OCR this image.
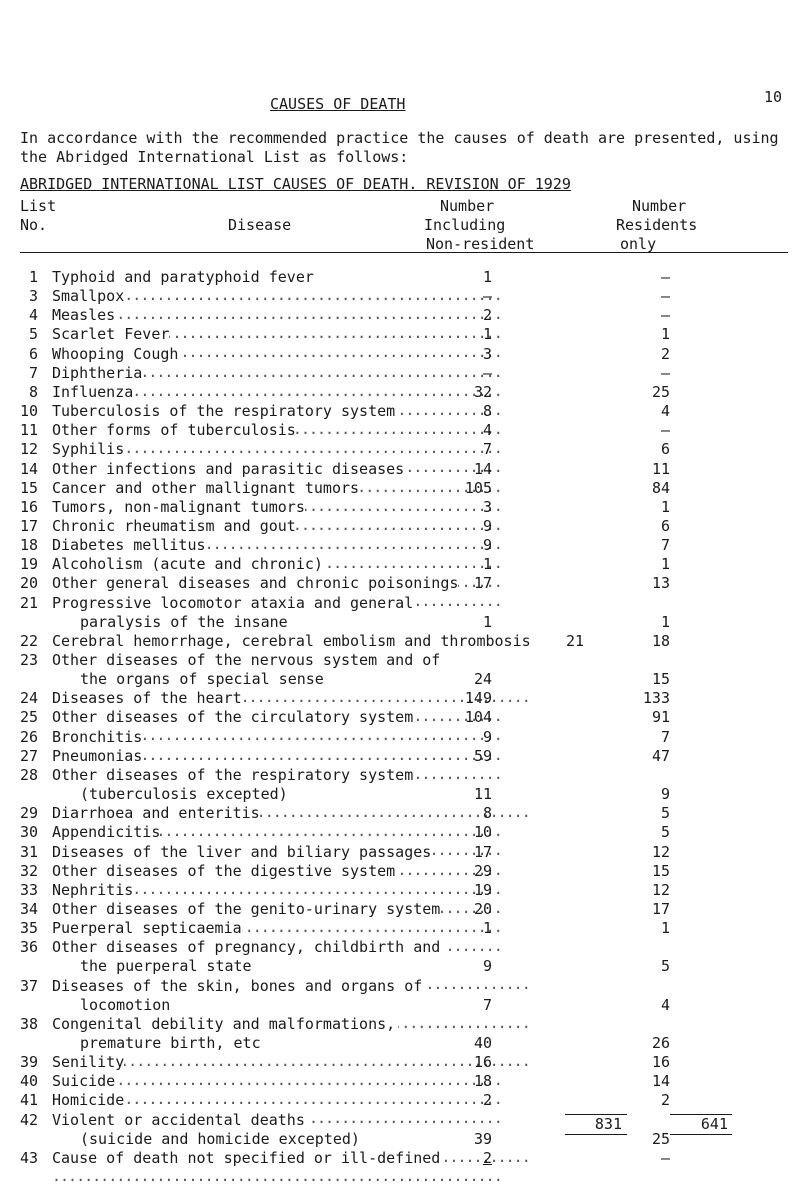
10
CAUSES OF DEATH
In accordance with the recommended practice the causes of death are presented, using the Abridged International List as follows:
ABRIDGED INTERNATIONAL LIST CAUSES OF DEATH. REVISION OF 1929
List
No.	Disease
Number
Including
Non-resident
Number
Residents
only
1 Typhoid and paratyphoid fever .....	1	–
3 Smallpox .....	–	–
4 Measles .....	2	–
5 Scarlet Fever .....	1	1
6 Whooping Cough .....	3	2
7 Diphtheria .....	–	–
8 Influenza .....	32	25
10 Tuberculosis of the respiratory system .....	8	4
11 Other forms of tuberculosis .....	4	–
12 Syphilis .....	7	6
14 Other infections and parasitic diseases .....	14	11
15 Cancer and other mallignant tumors .....	105	84
16 Tumors, non-malignant tumors .....	3	1
17 Chronic rheumatism and gout .....	9	6
18 Diabetes mellitus .....	9	7
19 Alcoholism (acute and chronic) .....	1	1
20 Other general diseases and chronic poisonings .....	17	13
21 Progressive locomotor ataxia and general
paralysis of the insane .....	1	1
22 Cerebral hemorrhage, cerebral embolism and thrombosis	21	18
23 Other diseases of the nervous system and of
the organs of special sense .....	24	15
24 Diseases of the heart .....	149	133
25 Other diseases of the circulatory system .....	104	91
26 Bronchitis .....	9	7
27 Pneumonias .....	59	47
28 Other diseases of the respiratory system
(tuberculosis excepted) .....	11	9
29 Diarrhoea and enteritis .....	8	5
30 Appendicitis .....	10	5
31 Diseases of the liver and biliary passages .....	17	12
32 Other diseases of the digestive system .....	29	15
33 Nephritis .....	19	12
34 Other diseases of the genito-urinary system .....	20	17
35 Puerperal septicaemia .....	1	1
36 Other diseases of pregnancy, childbirth and
the puerperal state .....	9	5
37 Diseases of the skin, bones and organs of
locomotion .....	7	4
38 Congenital debility and malformations,
premature birth, etc .....	40	26
39 Senility .....	16	16
40 Suicide .....	18	14
41 Homicide .....	2	2
42 Violent or accidental deaths
(suicide and homicide excepted) .....	39	25
43 Cause of death not specified or ill-defined .....	2	–
831	641
